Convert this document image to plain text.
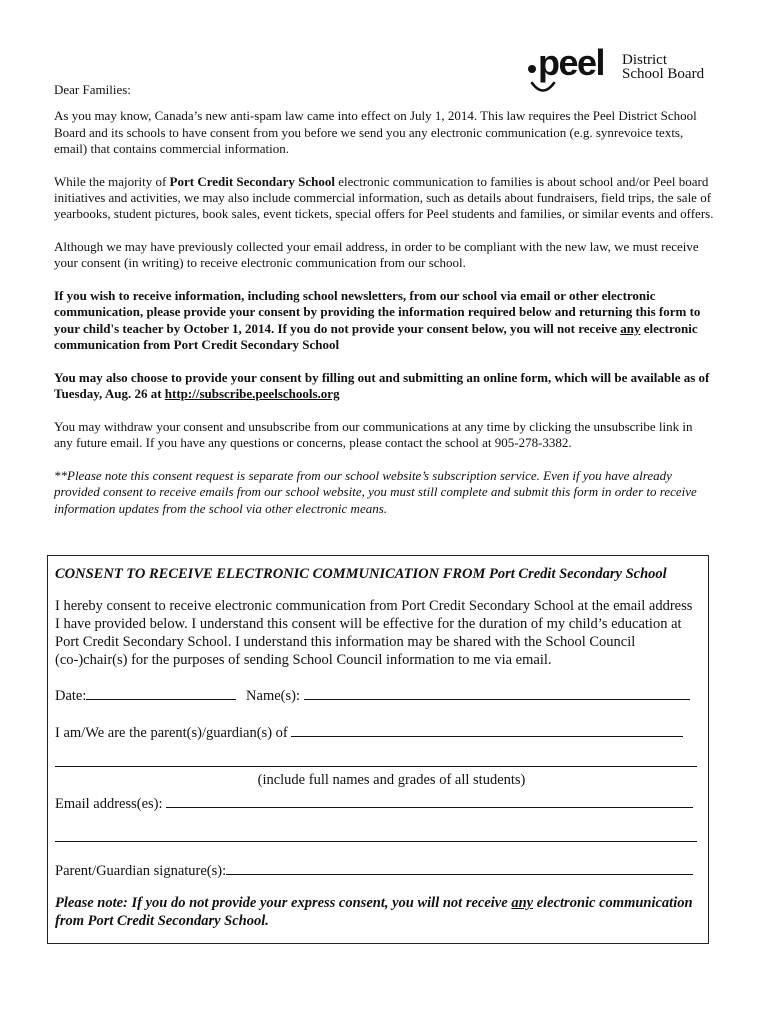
peel District
School Board

Dear Families:

As you may know, Canada’s new anti-spam law came into effect on July 1, 2014. This law requires the Peel District School Board and its schools to have consent from you before we send you any electronic communication (e.g. synrevoice texts, email) that contains commercial information.

While the majority of Port Credit Secondary School electronic communication to families is about school and/or Peel board initiatives and activities, we may also include commercial information, such as details about fundraisers, field trips, the sale of yearbooks, student pictures, book sales, event tickets, special offers for Peel students and families, or similar events and offers.

Although we may have previously collected your email address, in order to be compliant with the new law, we must receive your consent (in writing) to receive electronic communication from our school.

If you wish to receive information, including school newsletters, from our school via email or other electronic communication, please provide your consent by providing the information required below and returning this form to your child's teacher by October 1, 2014. If you do not provide your consent below, you will not receive any electronic communication from Port Credit Secondary School

You may also choose to provide your consent by filling out and submitting an online form, which will be available as of Tuesday, Aug. 26 at http://subscribe.peelschools.org

You may withdraw your consent and unsubscribe from our communications at any time by clicking the unsubscribe link in any future email. If you have any questions or concerns, please contact the school at 905-278-3382.

**Please note this consent request is separate from our school website’s subscription service. Even if you have already provided consent to receive emails from our school website, you must still complete and submit this form in order to receive information updates from the school via other electronic means.

CONSENT TO RECEIVE ELECTRONIC COMMUNICATION FROM Port Credit Secondary School

I hereby consent to receive electronic communication from Port Credit Secondary School at the email address I have provided below. I understand this consent will be effective for the duration of my child’s education at Port Credit Secondary School. I understand this information may be shared with the School Council (co-)chair(s) for the purposes of sending School Council information to me via email.

Date:	Name(s):
I am/We are the parent(s)/guardian(s) of
(include full names and grades of all students)
Email address(es):
Parent/Guardian signature(s):

Please note: If you do not provide your express consent, you will not receive any electronic communication from Port Credit Secondary School.
